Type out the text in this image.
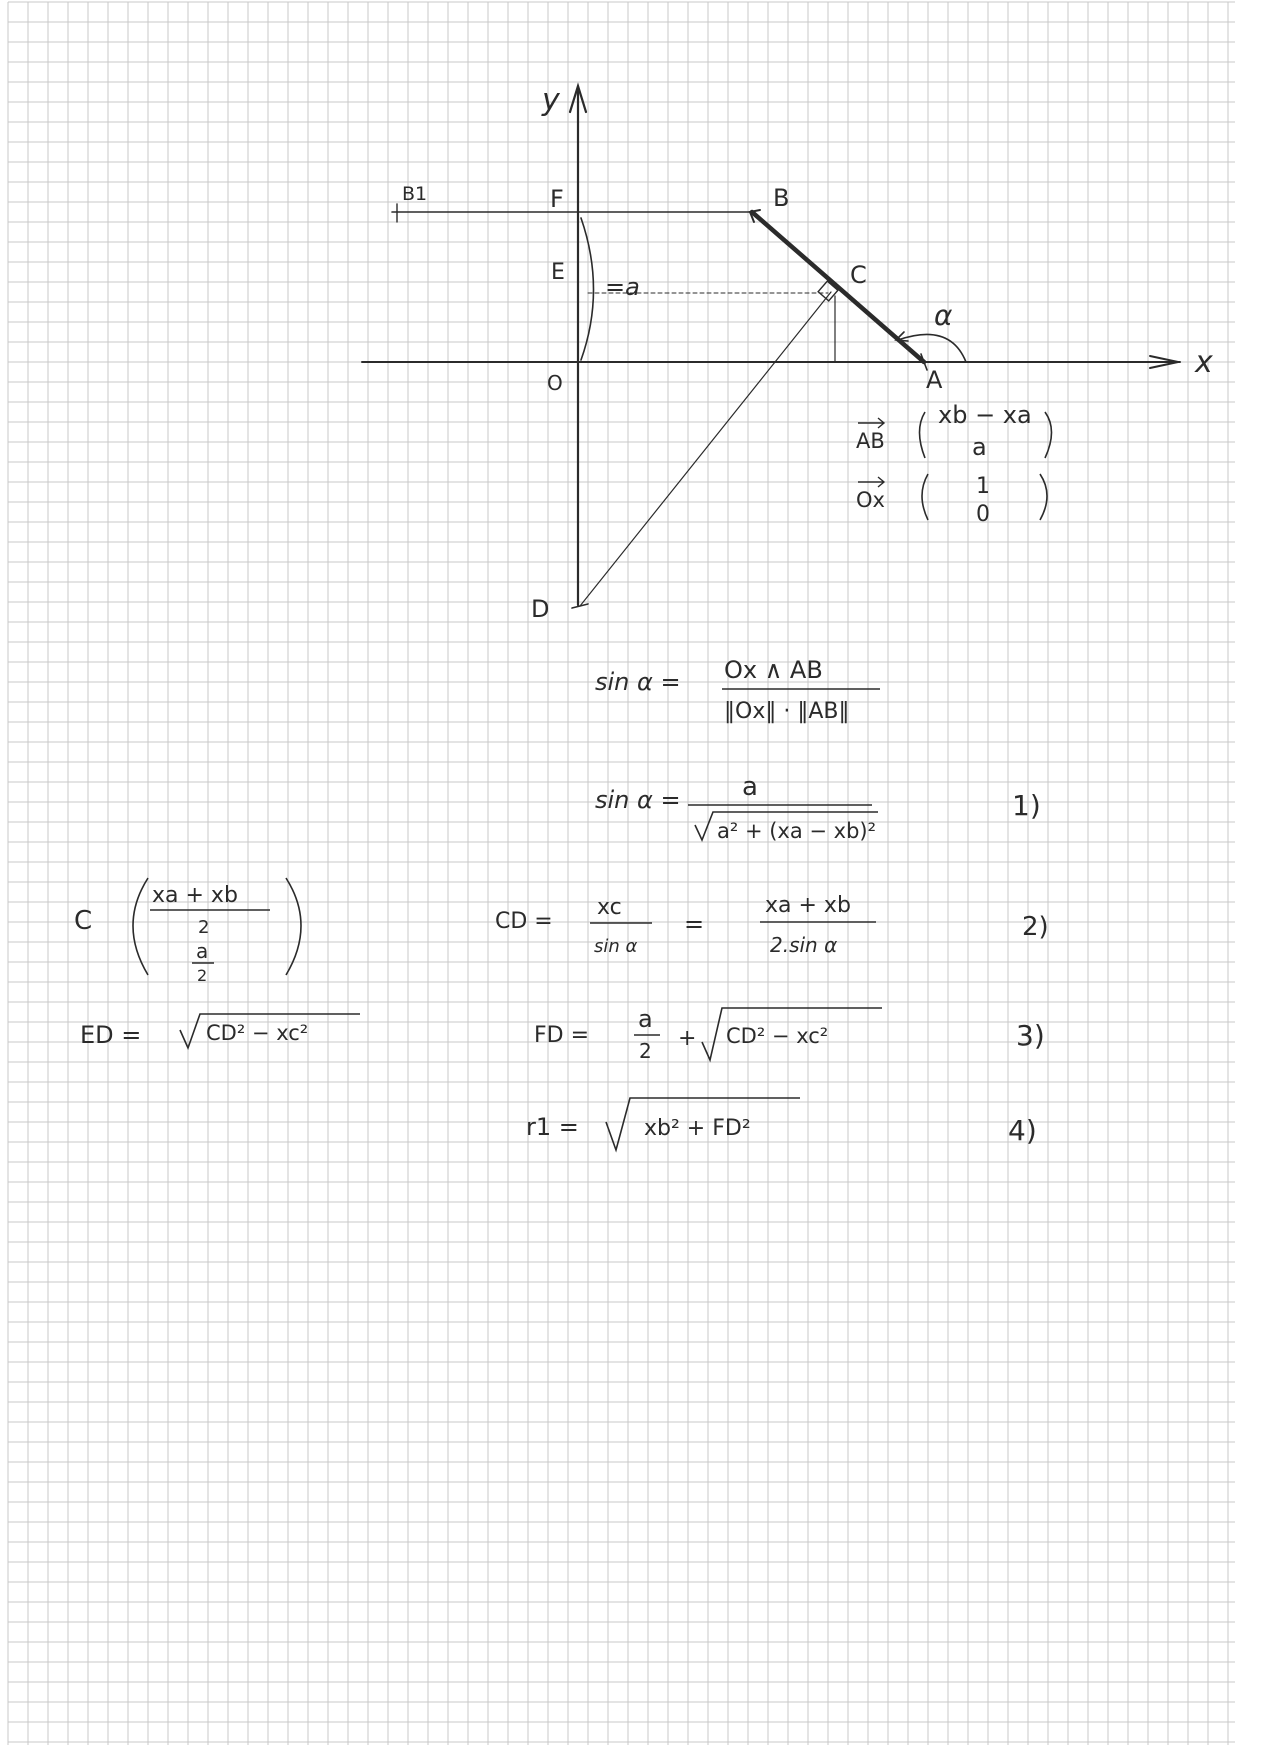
y
x
B1	F	B
E
=a	C
α
O	A
D
AB
xb − xa
a
Ox
1
0
sin α = Ox ∧ AB
‖Ox‖ · ‖AB‖
sin α = a
a² + (xa − xb)²
1)
CD =
xc
sin α
=
xa + xb
2.sin α
2)
FD =
a
2 + CD² − xc²	3)
r1 =	xb² + FD²	4)
C
xa + xb
2
a
2
ED =	CD² − xc²
